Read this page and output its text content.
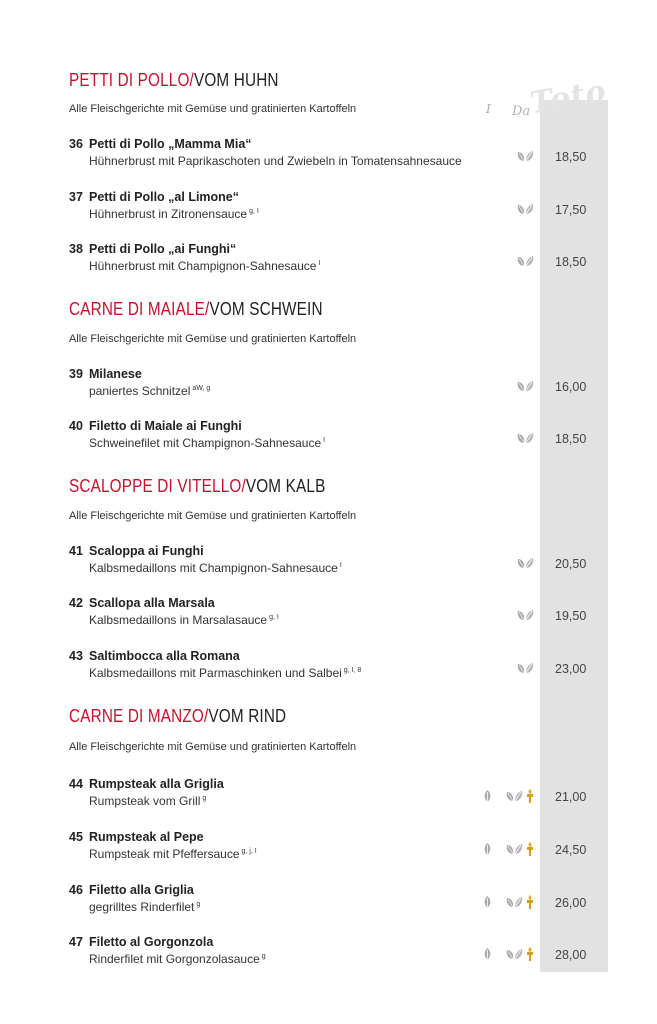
I Da
Toto
PETTI DI POLLO/VOM HUHN
Alle Fleischgerichte mit Gemüse und gratinierten Kartoffeln
36 Petti di Pollo „Mamma Mia“
Hühnerbrust mit Paprikaschoten und Zwiebeln in Tomatensahnesauce	18,50
37 Petti di Pollo „al Limone“
Hühnerbrust in Zitronensauce $^{g, I}$	17,50
38 Petti di Pollo „ai Funghi“
Hühnerbrust mit Champignon-Sahnesauce $^I$	18,50
CARNE DI MAIALE/VOM SCHWEIN
Alle Fleischgerichte mit Gemüse und gratinierten Kartoffeln
39 Milanese
paniertes Schnitzel $^{aW, g}$	16,00
40 Filetto di Maiale ai Funghi
Schweinefilet mit Champignon-Sahnesauce $^I$	18,50
SCALOPPE DI VITELLO/VOM KALB
Alle Fleischgerichte mit Gemüse und gratinierten Kartoffeln
41 Scaloppa ai Funghi
Kalbsmedaillons mit Champignon-Sahnesauce $^I$	20,50
42 Scallopa alla Marsala
Kalbsmedaillons in Marsalasauce $^{g, I}$	19,50
43 Saltimbocca alla Romana
Kalbsmedaillons mit Parmaschinken und Salbei $^{g, I, 8}$	23,00
CARNE DI MANZO/VOM RIND
Alle Fleischgerichte mit Gemüse und gratinierten Kartoffeln
44 Rumpsteak alla Griglia
Rumpsteak vom Grill $^g$	21,00
45 Rumpsteak al Pepe
Rumpsteak mit Pfeffersauce $^{g, j, I}$	24,50
46 Filetto alla Griglia
gegrilltes Rinderfilet $^g$	26,00
47 Filetto al Gorgonzola
Rinderfilet mit Gorgonzolasauce $^g$	28,00
